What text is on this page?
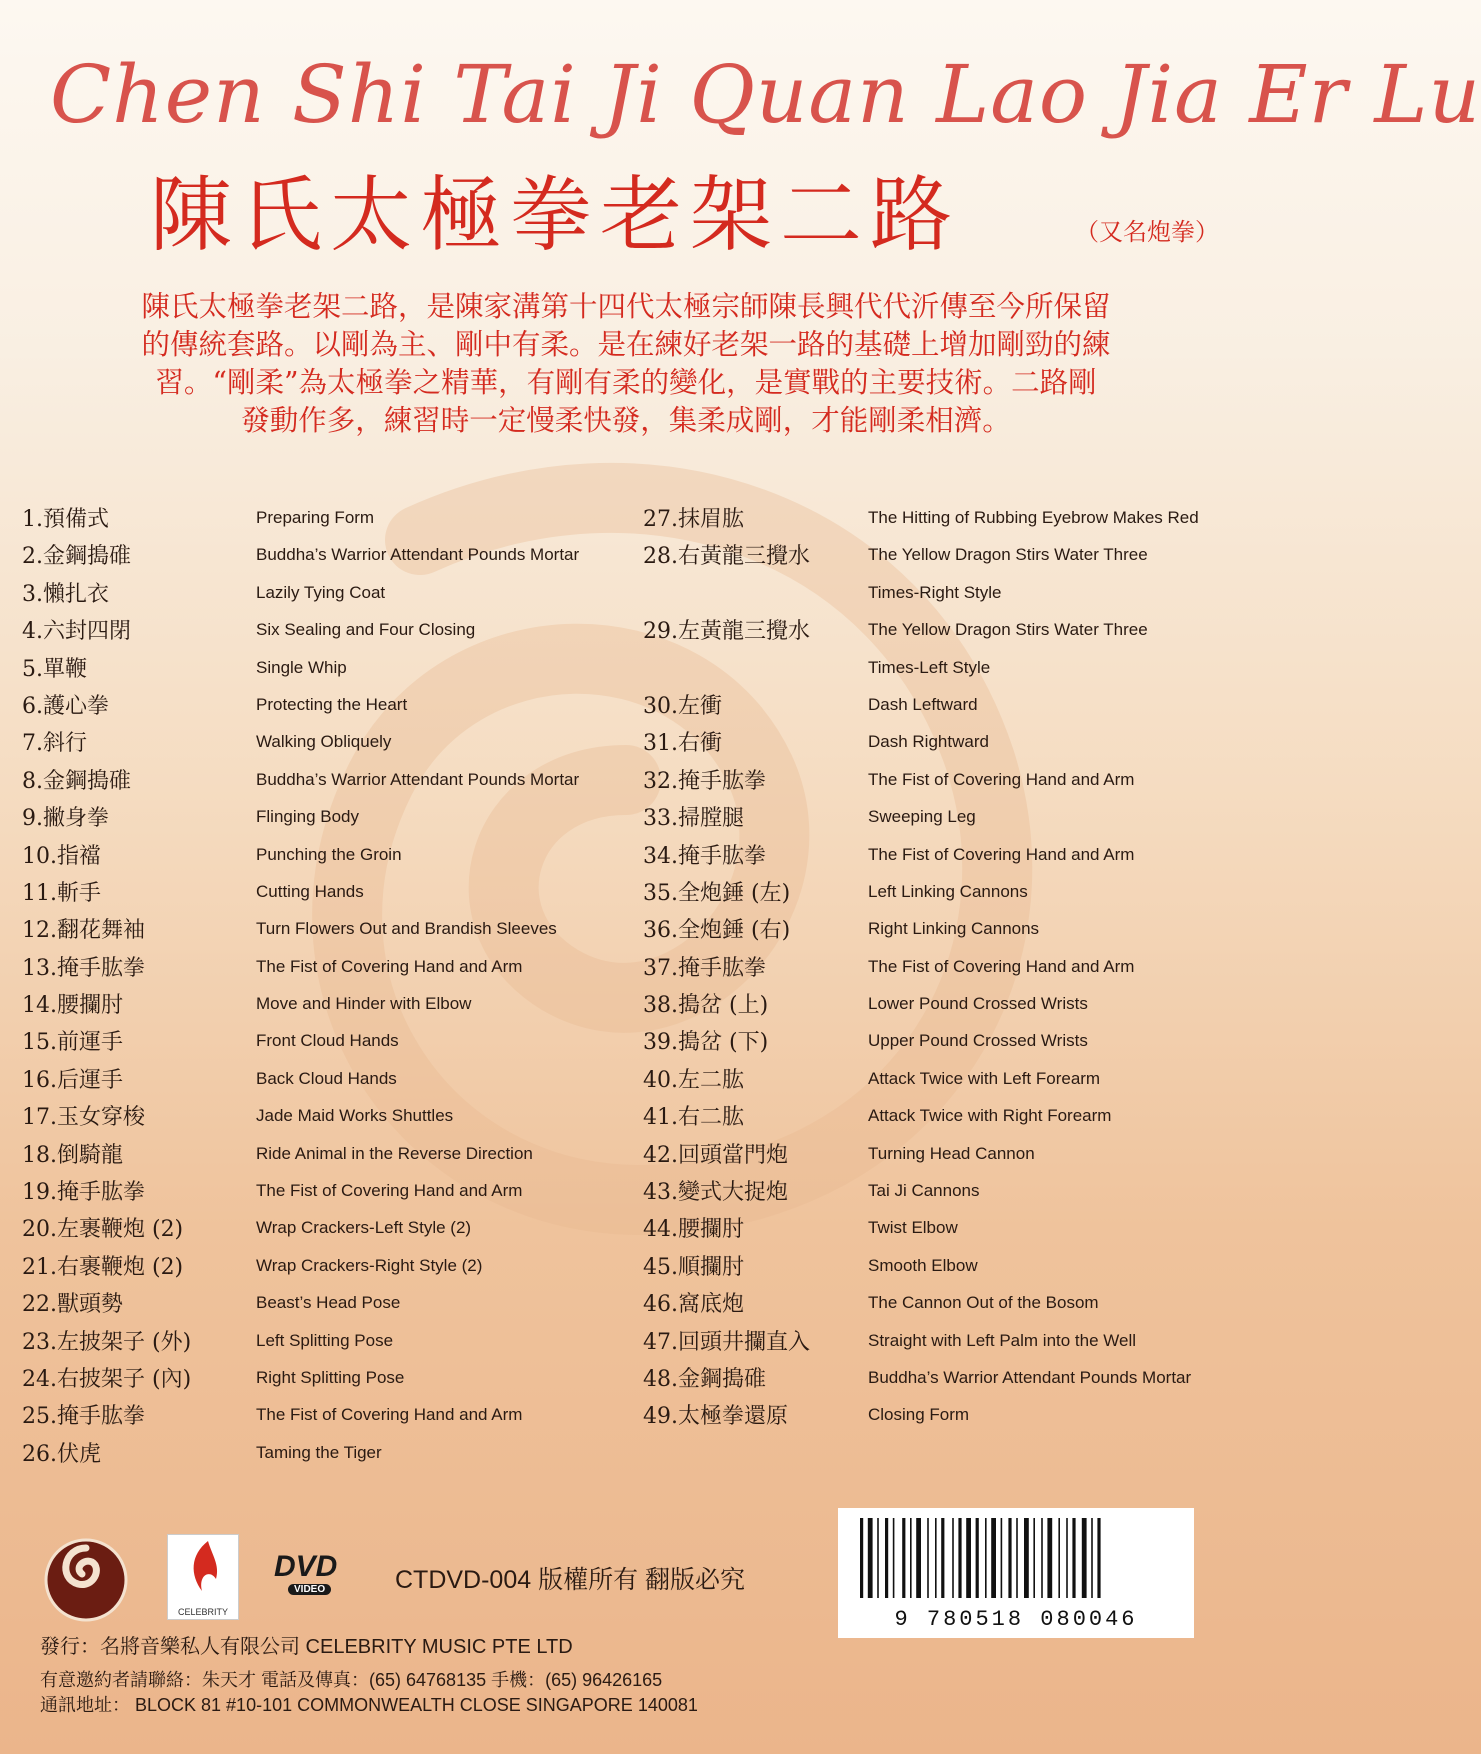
Chen Shi Tai Ji Quan Lao Jia Er Lu
陳氏太極拳老架二路	（又名炮拳）
陳氏太極拳老架二路，是陳家溝第十四代太極宗師陳長興代代沂傳至今所保留
的傳統套路。以剛為主、剛中有柔。是在練好老架一路的基礎上增加剛勁的練
習。“剛柔”為太極拳之精華，有剛有柔的變化，是實戰的主要技術。二路剛
發動作多，練習時一定慢柔快發，集柔成剛，才能剛柔相濟。
1.預備式	Preparing Form
2.金鋼搗碓	Buddha’s Warrior Attendant Pounds Mortar
3.懶扎衣	Lazily Tying Coat
4.六封四閉	Six Sealing and Four Closing
5.單鞭	Single Whip
6.護心拳	Protecting the Heart
7.斜行	Walking Obliquely
8.金鋼搗碓	Buddha’s Warrior Attendant Pounds Mortar
9.撇身拳	Flinging Body
10.指襠	Punching the Groin
11.斬手	Cutting Hands
12.翻花舞袖	Turn Flowers Out and Brandish Sleeves
13.掩手肱拳	The Fist of Covering Hand and Arm
14.腰攔肘	Move and Hinder with Elbow
15.前運手	Front Cloud Hands
16.后運手	Back Cloud Hands
17.玉女穿梭	Jade Maid Works Shuttles
18.倒騎龍	Ride Animal in the Reverse Direction
19.掩手肱拳	The Fist of Covering Hand and Arm
20.左裹鞭炮 (2)	Wrap Crackers-Left Style (2)
21.右裹鞭炮 (2)	Wrap Crackers-Right Style (2)
22.獸頭勢	Beast’s Head Pose
23.左披架子 (外)	Left Splitting Pose
24.右披架子 (內)	Right Splitting Pose
25.掩手肱拳	The Fist of Covering Hand and Arm
26.伏虎	Taming the Tiger
27.抹眉肱	The Hitting of Rubbing Eyebrow Makes Red
28.右黃龍三攪水	The Yellow Dragon Stirs Water Three
Times-Right Style
29.左黃龍三攪水	The Yellow Dragon Stirs Water Three
Times-Left Style
30.左衝	Dash Leftward
31.右衝	Dash Rightward
32.掩手肱拳	The Fist of Covering Hand and Arm
33.掃膛腿	Sweeping Leg
34.掩手肱拳	The Fist of Covering Hand and Arm
35.全炮錘 (左)	Left Linking Cannons
36.全炮錘 (右)	Right Linking Cannons
37.掩手肱拳	The Fist of Covering Hand and Arm
38.搗岔 (上)	Lower Pound Crossed Wrists
39.搗岔 (下)	Upper Pound Crossed Wrists
40.左二肱	Attack Twice with Left Forearm
41.右二肱	Attack Twice with Right Forearm
42.回頭當門炮	Turning Head Cannon
43.變式大捉炮	Tai Ji Cannons
44.腰攔肘	Twist Elbow
45.順攔肘	Smooth Elbow
46.窩底炮	The Cannon Out of the Bosom
47.回頭井攔直入	Straight with Left Palm into the Well
48.金鋼搗碓	Buddha’s Warrior Attendant Pounds Mortar
49.太極拳還原	Closing Form
CELEBRITY
DVD
VIDEO	CTDVD-004 版權所有 翻版必究
9 780518 080046
發行：名將音樂私人有限公司 CELEBRITY MUSIC PTE LTD
有意邀約者請聯絡：朱天才 電話及傳真：(65) 64768135 手機：(65) 96426165
通訊地址： BLOCK 81 #10-101 COMMONWEALTH CLOSE SINGAPORE 140081
